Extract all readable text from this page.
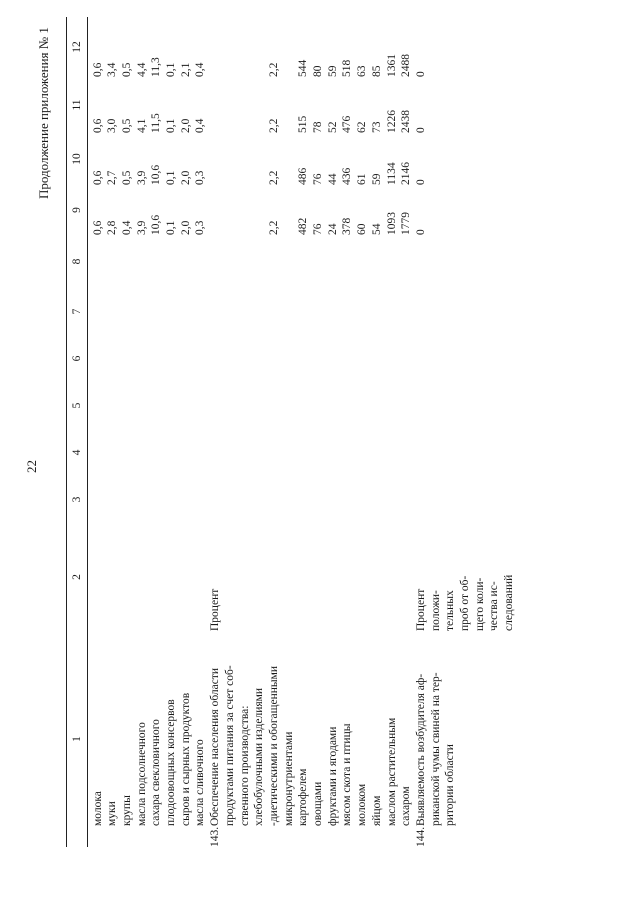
22
Продолжение приложения № 1
1	2	3	4	5	6	7	8	9	10	11	12

молока								0,6	0,6	0,6	0,6
муки								2,8	2,7	3,0	3,4
крупы								0,4	0,5	0,5	0,5
масла подсолнечного								3,9	3,9	4,1	4,4
сахара свекловичного								10,6	10,6	11,5	11,3
плодоовощных консервов								0,1	0,1	0,1	0,1
сыров и сырных продуктов								2,0	2,0	2,0	2,1
масла сливочного								0,3	0,3	0,4	0,4
143.Обеспечение населения области	Процент										
продуктами питания за счет соб-											
ственного производства:											
хлебобулочными изделиями											
-диетическими и обогащенными								2,2	2,2	2,2	2,2
микронутриентами											
картофелем								482	486	515	544
овощами								76	76	78	80
фруктами и ягодами								24	44	52	59
мясом скота и птицы								378	436	476	518
молоком								60	61	62	63
яйцом								54	59	73	85
маслом растительным								1093	1134	1226	1361
сахаром								1779	2146	2438	2488
144.Выявляемость возбудителя аф-	Процент							0	0	0	0
риканской чумы свиней на тер-	положи-										
ритории области	тельных										
	проб от об-										
	щего коли-										
	чества ис-										
	следований										
